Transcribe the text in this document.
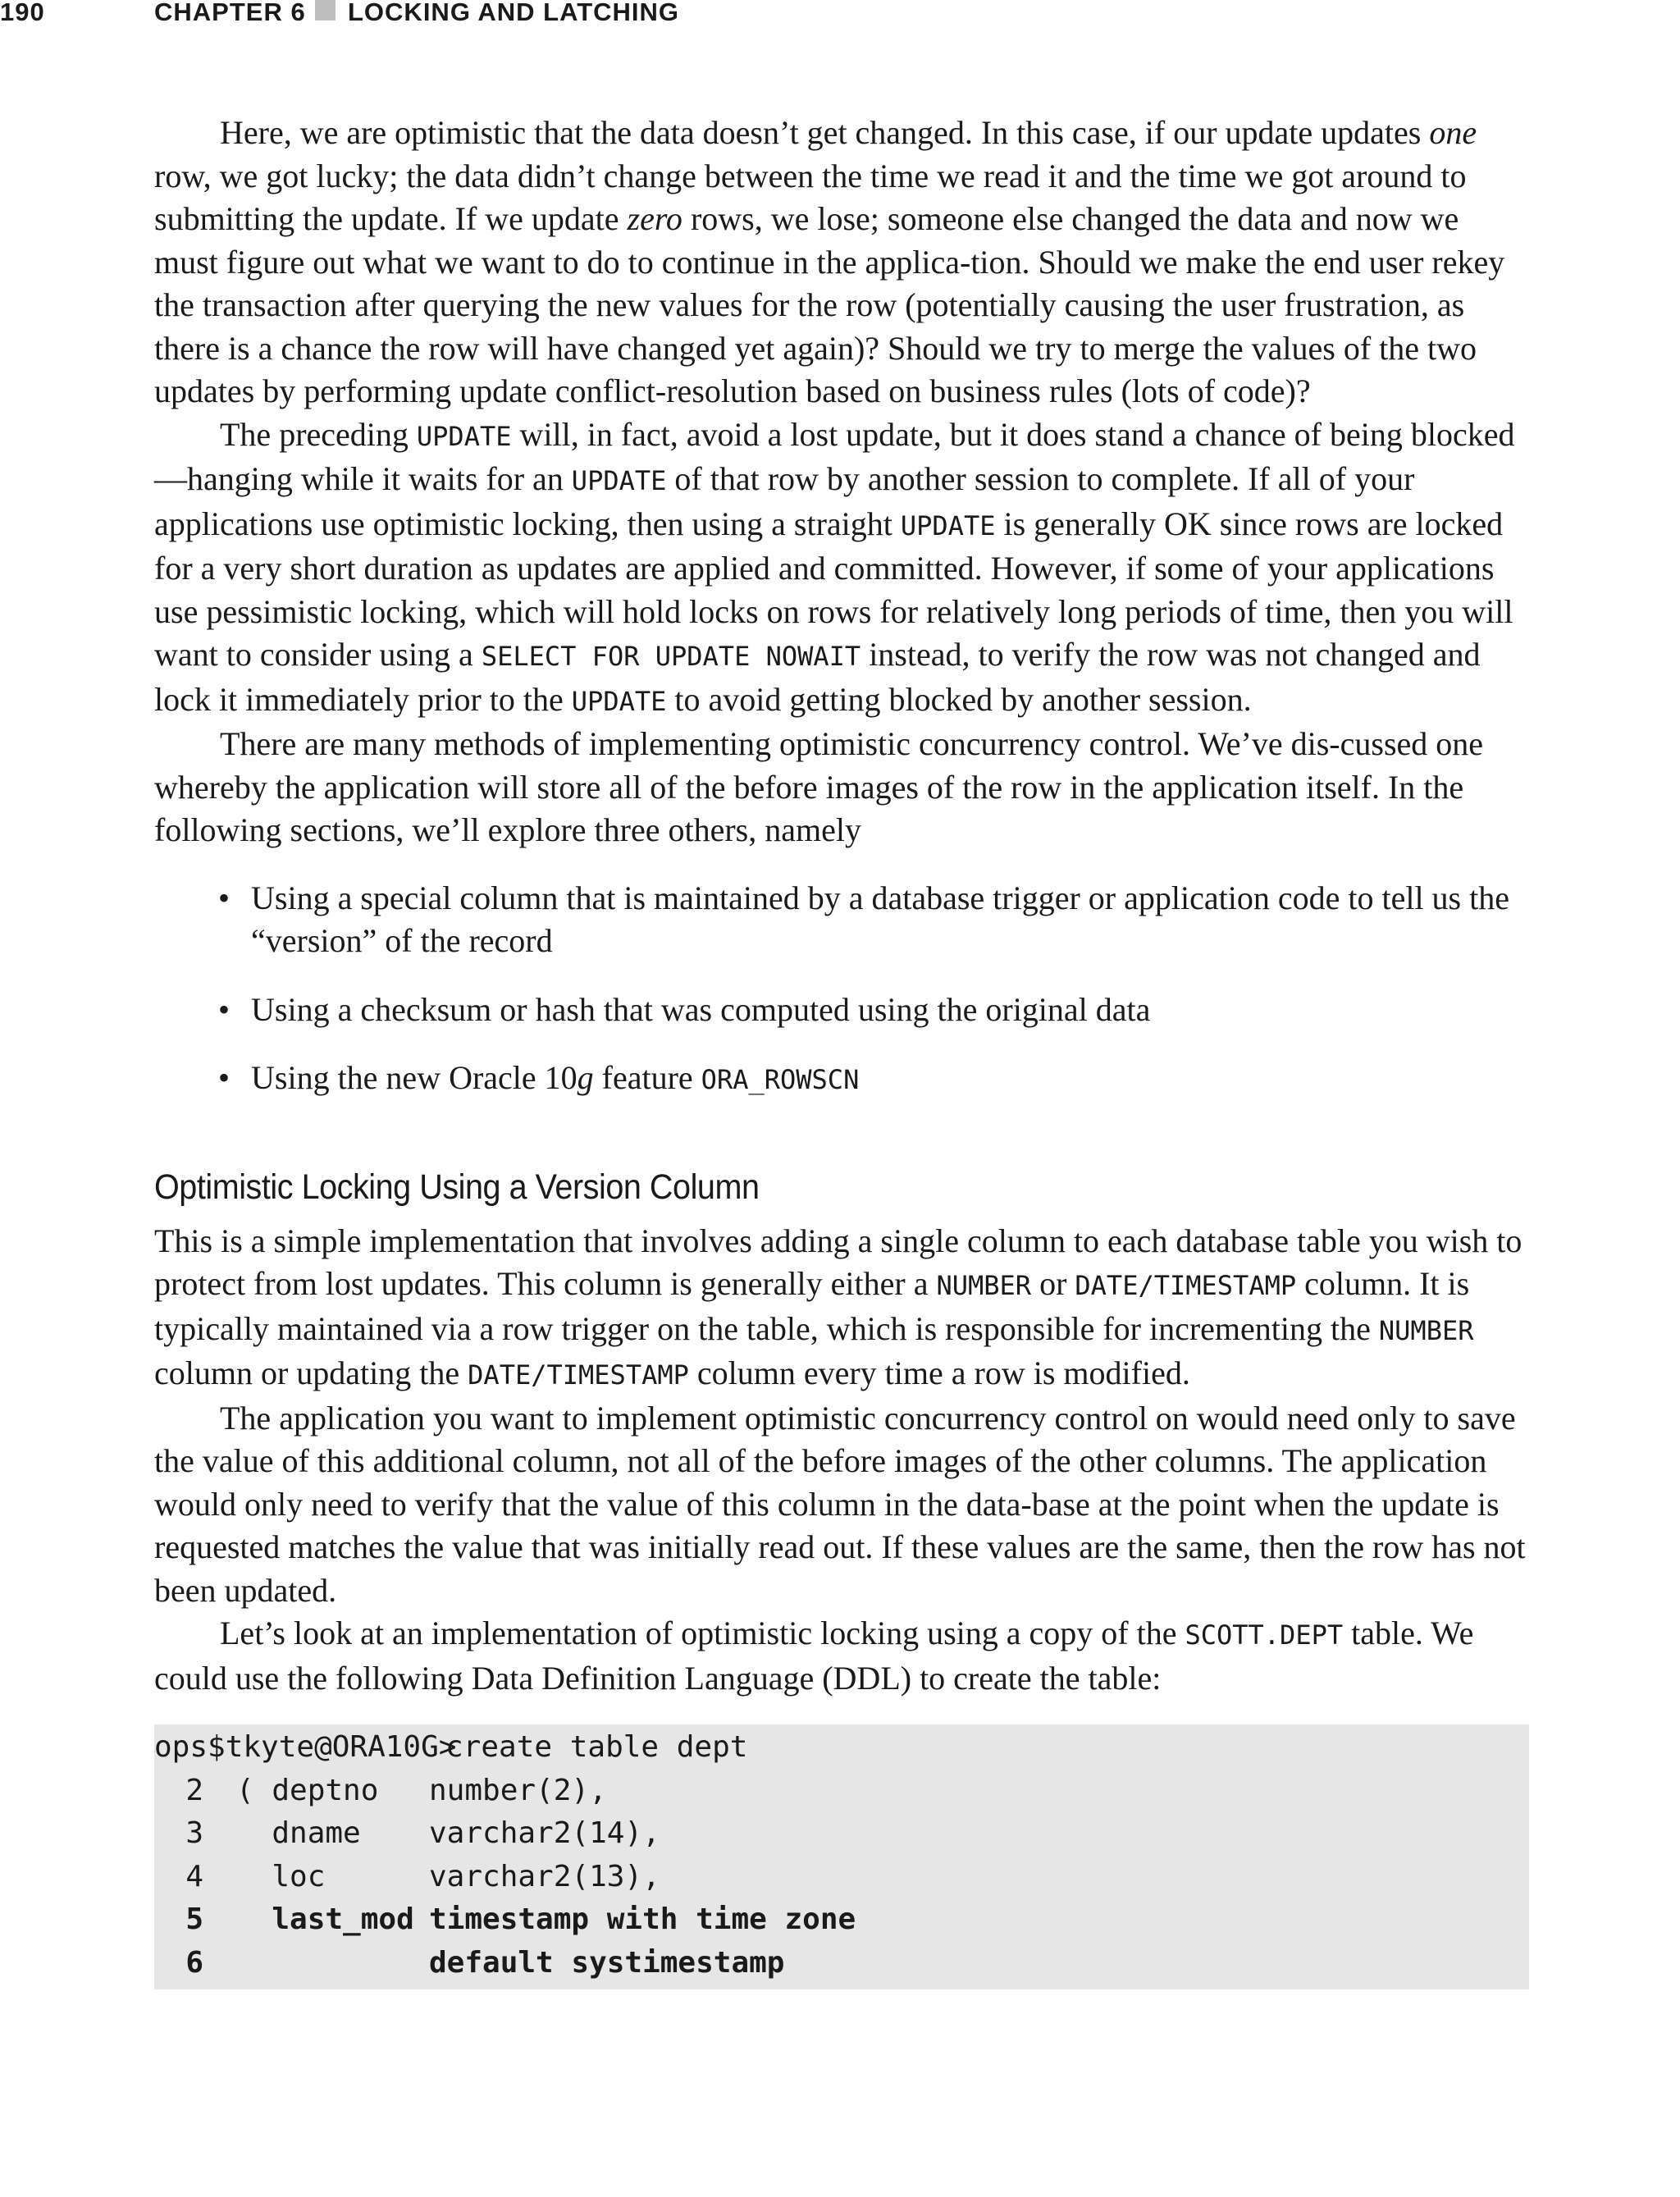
190	CHAPTER 6 LOCKING AND LATCHING

Here, we are optimistic that the data doesn’t get changed. In this case, if our update updates one row, we got lucky; the data didn’t change between the time we read it and the time we got around to submitting the update. If we update zero rows, we lose; someone else changed the data and now we must figure out what we want to do to continue in the applica-tion. Should we make the end user rekey the transaction after querying the new values for the row (potentially causing the user frustration, as there is a chance the row will have changed yet again)? Should we try to merge the values of the two updates by performing update conflict-resolution based on business rules (lots of code)?

The preceding UPDATE will, in fact, avoid a lost update, but it does stand a chance of being blocked—hanging while it waits for an UPDATE of that row by another session to complete. If all of your applications use optimistic locking, then using a straight UPDATE is generally OK since rows are locked for a very short duration as updates are applied and committed. However, if some of your applications use pessimistic locking, which will hold locks on rows for relatively long periods of time, then you will want to consider using a SELECT FOR UPDATE NOWAIT instead, to verify the row was not changed and lock it immediately prior to the UPDATE to avoid getting blocked by another session.

There are many methods of implementing optimistic concurrency control. We’ve dis-cussed one whereby the application will store all of the before images of the row in the application itself. In the following sections, we’ll explore three others, namely

• Using a special column that is maintained by a database trigger or application code to tell us the “version” of the record
• Using a checksum or hash that was computed using the original data
• Using the new Oracle 10g feature ORA_ROWSCN
Optimistic Locking Using a Version Column

This is a simple implementation that involves adding a single column to each database table you wish to protect from lost updates. This column is generally either a NUMBER or DATE/TIMESTAMP column. It is typically maintained via a row trigger on the table, which is responsible for incrementing the NUMBER column or updating the DATE/TIMESTAMP column every time a row is modified.

The application you want to implement optimistic concurrency control on would need only to save the value of this additional column, not all of the before images of the other columns. The application would only need to verify that the value of this column in the data-base at the point when the update is requested matches the value that was initially read out. If these values are the same, then the row has not been updated.

Let’s look at an implementation of optimistic locking using a copy of the SCOTT.DEPT table. We could use the following Data Definition Language (DDL) to create the table:

ops$tkyte@ORA10G>
create table dept
2	( deptno	number(2),
3	dname	varchar2(14),
4	loc	varchar2(13),
5	last_mod timestamp with time zone
6	default systimestamp
